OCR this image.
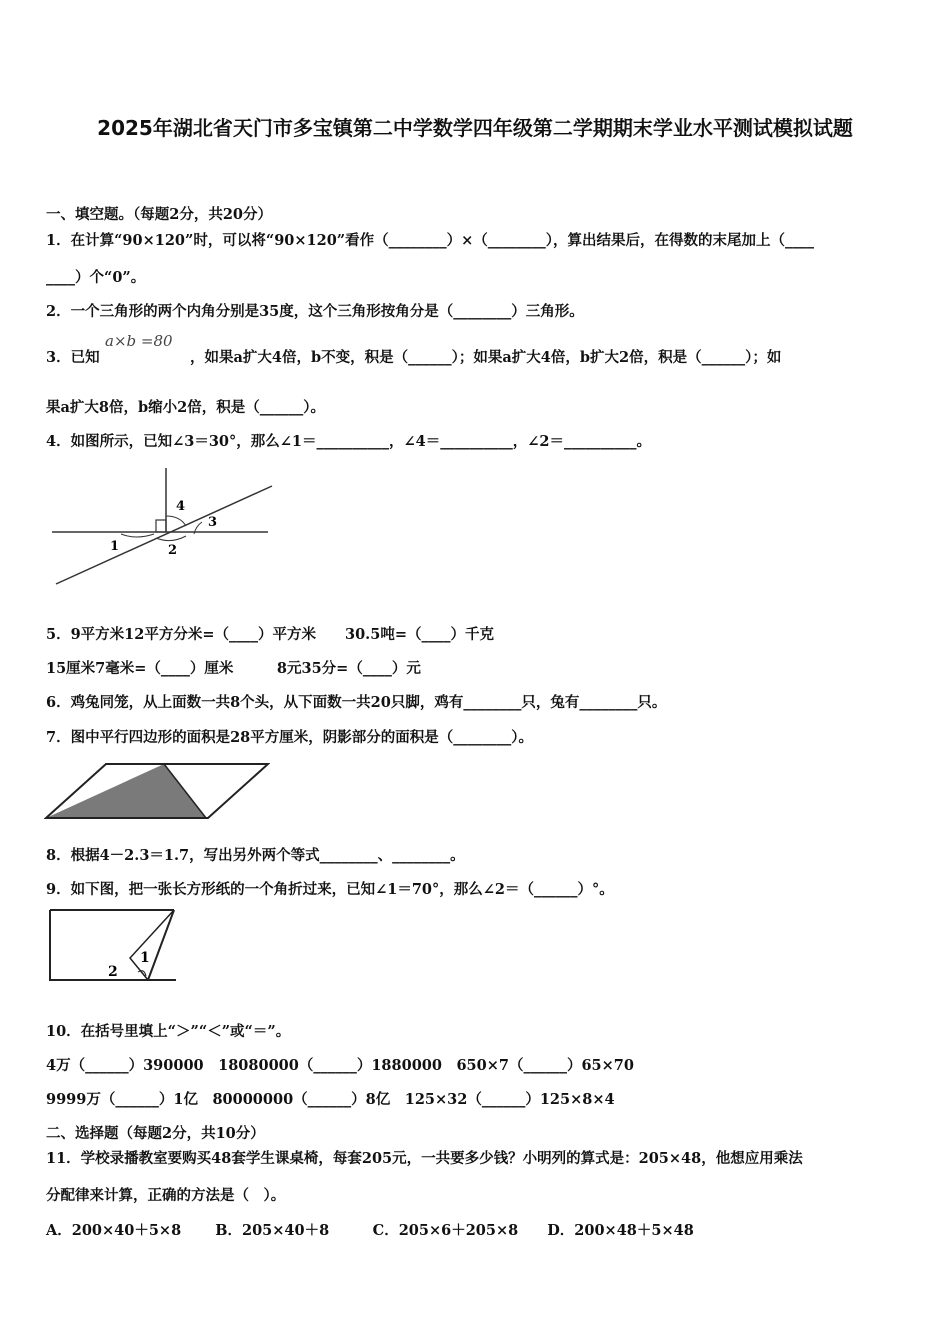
2025年湖北省天门市多宝镇第二中学数学四年级第二学期期末学业水平测试模拟试题
一、填空题。（每题2分，共20分）
1．在计算“90×120”时，可以将“90×120”看作（________）×（________），算出结果后，在得数的末尾加上（____
____）个“0”。
2．一个三角形的两个内角分别是35度，这个三角形按角分是（________）三角形。
3．已知
a×b =80
，如果a扩大4倍，b不变，积是（______）；如果a扩大4倍，b扩大2倍，积是（______）；如
果a扩大8倍，b缩小2倍，积是（______）。
4．如图所示，已知∠3＝30°，那么∠1＝__________，∠4＝__________，∠2＝__________。
1	2
3
4
5．9平方米12平方分米=（____）平方米　　30.5吨=（____）千克
15厘米7毫米=（____）厘米　　　8元35分=（____）元
6．鸡兔同笼，从上面数一共8个头，从下面数一共20只脚，鸡有________只，兔有________只。
7．图中平行四边形的面积是28平方厘米，阴影部分的面积是（________）。
8．根据4－2.3＝1.7，写出另外两个等式________、________。
9．如下图，把一张长方形纸的一个角折过来，已知∠1＝70°，那么∠2＝（______）°。
2
1
10．在括号里填上“＞”“＜”或“＝”。
4万（______）390000　18080000（______）1880000　650×7（______）65×70
9999万（______）1亿　80000000（______）8亿　125×32（______）125×8×4
二、选择题（每题2分，共10分）
11．学校录播教室要购买48套学生课桌椅，每套205元，一共要多少钱？小明列的算式是：205×48，他想应用乘法
分配律来计算，正确的方法是（　）。
A．200×40＋5×8　　 B．205×40＋8　　　C．205×6＋205×8　　D．200×48＋5×48
